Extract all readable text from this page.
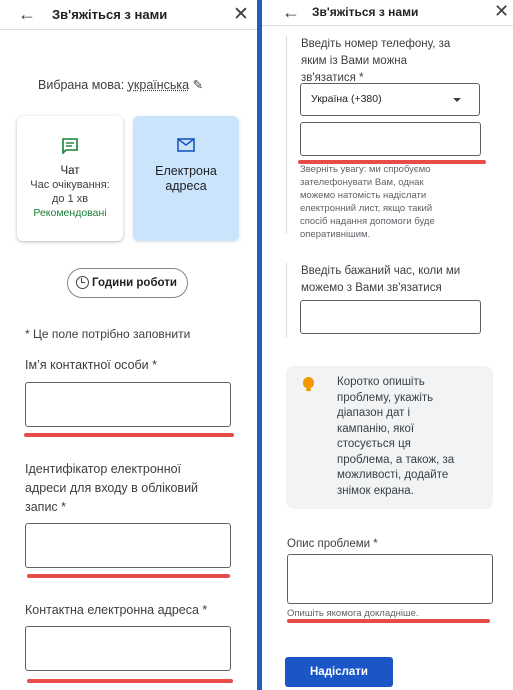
← Зв'яжіться з нами	✕
Вибрана мова: українська ✎
Чат
Час очікування:
до 1 хв
Рекомендовані
Електрона
адреса
Години роботи
* Це поле потрібно заповнити
Ім’я контактної особи *
Ідентифікатор електронної
адреси для входу в обліковий
запис *
Контактна електронна адреса *
← Зв'яжіться з нами	✕
Введіть номер телефону, за
яким із Вами можна
зв'язатися *
Україна (+380)
Зверніть увагу: ми спробуємо
зателефонувати Вам, однак
можемо натомість надіслати
електронний лист, якщо такий
спосіб надання допомоги буде
оперативнішим.
Введіть бажаний час, коли ми
можемо з Вами зв'язатися
Коротко опишіть
проблему, укажіть
діапазон дат і
кампанію, якої
стосується ця
проблема, а також, за
можливості, додайте
знімок екрана.
Опис проблеми *
Опишіть якомога докладніше.
Надіслати
